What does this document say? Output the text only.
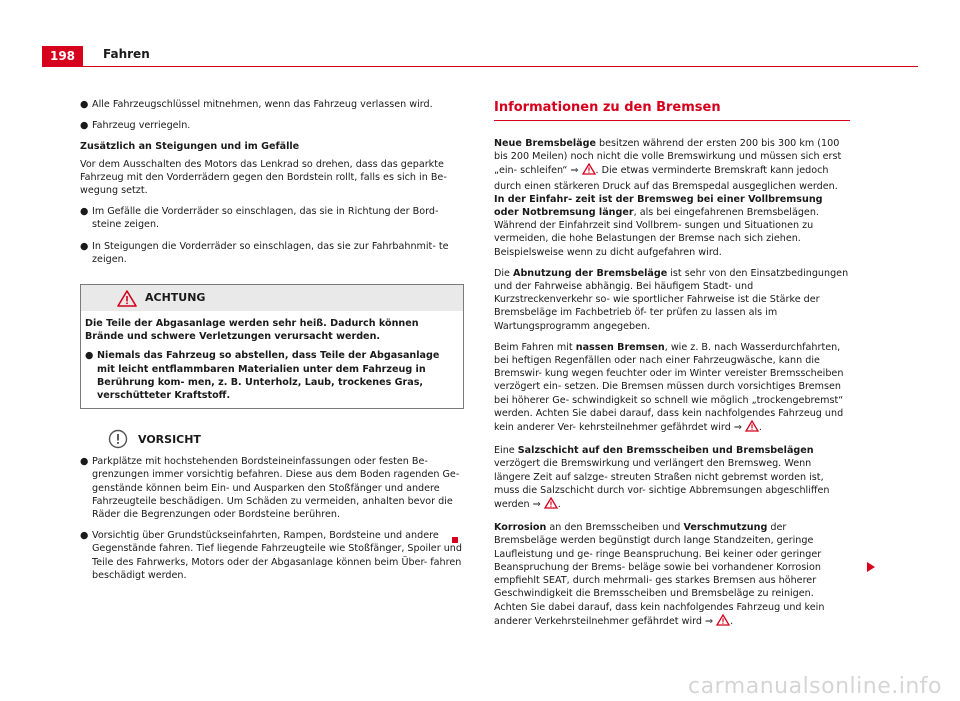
198	Fahren
● Alle Fahrzeugschlüssel mitnehmen, wenn das Fahrzeug verlassen wird.
● Fahrzeug verriegeln.
Zusätzlich an Steigungen und im Gefälle

Vor dem Ausschalten des Motors das Lenkrad so drehen, dass das geparkte Fahrzeug mit den Vorderrädern gegen den Bordstein rollt, falls es sich in Be- wegung setzt.

● Im Gefälle die Vorderräder so einschlagen, das sie in Richtung der Bord- steine zeigen.
● In Steigungen die Vorderräder so einschlagen, das sie zur Fahrbahnmit- te zeigen.
ACHTUNG

Die Teile der Abgasanlage werden sehr heiß. Dadurch können Brände und schwere Verletzungen verursacht werden.

● Niemals das Fahrzeug so abstellen, dass Teile der Abgasanlage mit leicht entflammbaren Materialien unter dem Fahrzeug in Berührung kom- men, z. B. Unterholz, Laub, trockenes Gras, verschütteter Kraftstoff.
VORSICHT
● Parkplätze mit hochstehenden Bordsteineinfassungen oder festen Be- grenzungen immer vorsichtig befahren. Diese aus dem Boden ragenden Ge- genstände können beim Ein- und Ausparken den Stoßfänger und andere Fahrzeugteile beschädigen. Um Schäden zu vermeiden, anhalten bevor die Räder die Begrenzungen oder Bordsteine berühren.
● Vorsichtig über Grundstückseinfahrten, Rampen, Bordsteine und andere Gegenstände fahren. Tief liegende Fahrzeugteile wie Stoßfänger, Spoiler und Teile des Fahrwerks, Motors oder der Abgasanlage können beim Über- fahren beschädigt werden.
Informationen zu den Bremsen

Neue Bremsbeläge besitzen während der ersten 200 bis 300 km (100 bis 200 Meilen) noch nicht die volle Bremswirkung und müssen sich erst „ein- schleifen“ ⇒ . Die etwas verminderte Bremskraft kann jedoch durch einen stärkeren Druck auf das Bremspedal ausgeglichen werden. In der Einfahr- zeit ist der Bremsweg bei einer Vollbremsung oder Notbremsung länger, als bei eingefahrenen Bremsbelägen. Während der Einfahrzeit sind Vollbrem- sungen und Situationen zu vermeiden, die hohe Belastungen der Bremse nach sich ziehen. Beispielsweise wenn zu dicht aufgefahren wird.

Die Abnutzung der Bremsbeläge ist sehr von den Einsatzbedingungen und der Fahrweise abhängig. Bei häufigem Stadt- und Kurzstreckenverkehr so- wie sportlicher Fahrweise ist die Stärke der Bremsbeläge im Fachbetrieb öf- ter prüfen zu lassen als im Wartungsprogramm angegeben.

Beim Fahren mit nassen Bremsen, wie z. B. nach Wasserdurchfahrten, bei heftigen Regenfällen oder nach einer Fahrzeugwäsche, kann die Bremswir- kung wegen feuchter oder im Winter vereister Bremsscheiben verzögert ein- setzen. Die Bremsen müssen durch vorsichtiges Bremsen bei höherer Ge- schwindigkeit so schnell wie möglich „trockengebremst“ werden. Achten Sie dabei darauf, dass kein nachfolgendes Fahrzeug und kein anderer Ver- kehrsteilnehmer gefährdet wird ⇒ .

Eine Salzschicht auf den Bremsscheiben und Bremsbelägen verzögert die Bremswirkung und verlängert den Bremsweg. Wenn längere Zeit auf salzge- streuten Straßen nicht gebremst worden ist, muss die Salzschicht durch vor- sichtige Abbremsungen abgeschliffen werden ⇒ .

Korrosion an den Bremsscheiben und Verschmutzung der Bremsbeläge werden begünstigt durch lange Standzeiten, geringe Laufleistung und ge- ringe Beanspruchung. Bei keiner oder geringer Beanspruchung der Brems- beläge sowie bei vorhandener Korrosion empfiehlt SEAT, durch mehrmali- ges starkes Bremsen aus höherer Geschwindigkeit die Bremsscheiben und Bremsbeläge zu reinigen. Achten Sie dabei darauf, dass kein nachfolgendes Fahrzeug und kein anderer Verkehrsteilnehmer gefährdet wird ⇒ .

carmanualsonline.info
